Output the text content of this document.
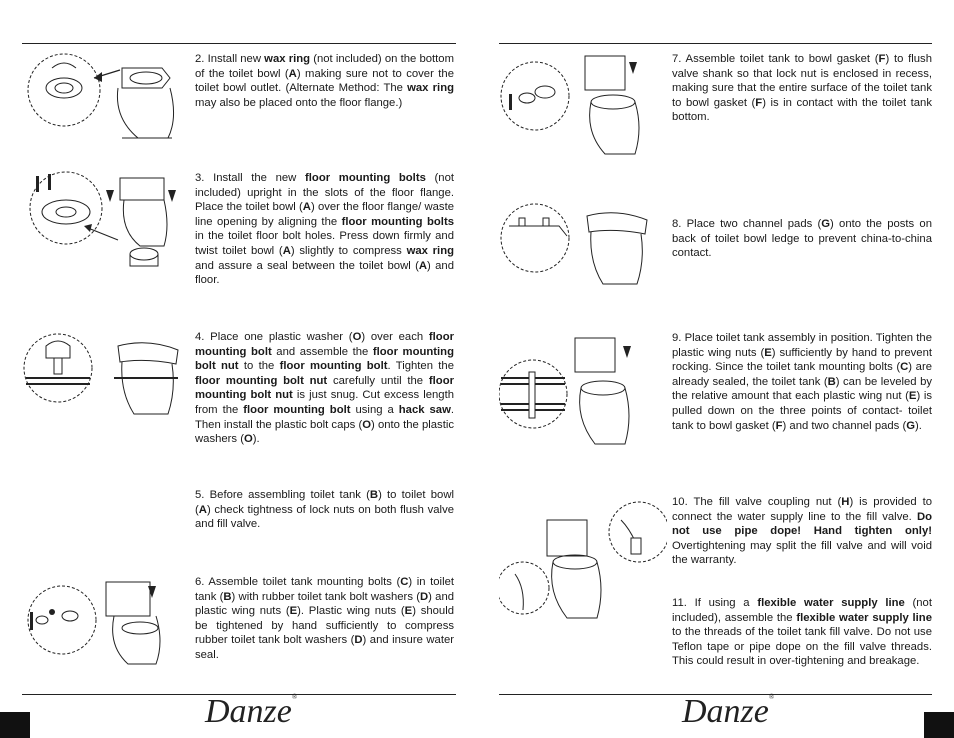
2. Install new wax ring (not included) on the bottom of the toilet bowl (A) making sure not to cover the toilet bowl outlet. (Alternate Method: The wax ring may also be placed onto the floor flange.)
3. Install the new floor mounting bolts (not included) upright in the slots of the floor flange. Place the toilet bowl (A) over the floor flange/ waste line opening by aligning the floor mounting bolts in the toilet floor bolt holes. Press down firmly and twist toilet bowl (A) slightly to compress wax ring and assure a seal between the toilet bowl (A) and floor.
4. Place one plastic washer (O) over each floor mounting bolt and assemble the floor mounting bolt nut to the floor mounting bolt. Tighten the floor mounting bolt nut carefully until the floor mounting bolt nut is just snug. Cut excess length from the floor mounting bolt using a hack saw. Then install the plastic bolt caps (O) onto the plastic washers (O).
5. Before assembling toilet tank (B) to toilet bowl (A) check tightness of lock nuts on both flush valve and fill valve.
6. Assemble toilet tank mounting bolts (C) in toilet tank (B) with rubber toilet tank bolt washers (D) and plastic wing nuts (E). Plastic wing nuts (E) should be tightened by hand sufficiently to compress rubber toilet tank bolt washers (D) and insure water seal.
7. Assemble toilet tank to bowl gasket (F) to flush valve shank so that lock nut is enclosed in recess, making sure that the entire surface of the toilet tank to bowl gasket (F) is in contact with the toilet tank bottom.
8. Place two channel pads (G) onto the posts on back of toilet bowl ledge to prevent china-to-china contact.
9. Place toilet tank assembly in position. Tighten the plastic wing nuts (E) sufficiently by hand to prevent rocking. Since the toilet tank mounting bolts (C) are already sealed, the toilet tank (B) can be leveled by the relative amount that each plastic wing nut (E) is pulled down on the three points of contact- toilet tank to bowl gasket (F) and two channel pads (G).
10. The fill valve coupling nut (H) is provided to connect the water supply line to the fill valve. Do not use pipe dope! Hand tighten only! Overtightening may split the fill valve and will void the warranty.
11. If using a flexible water supply line (not included), assemble the flexible water supply line to the threads of the toilet tank fill valve. Do not use Teflon tape or pipe dope on the fill valve threads. This could result in over-tightening and breakage.
Danze®	Danze®
